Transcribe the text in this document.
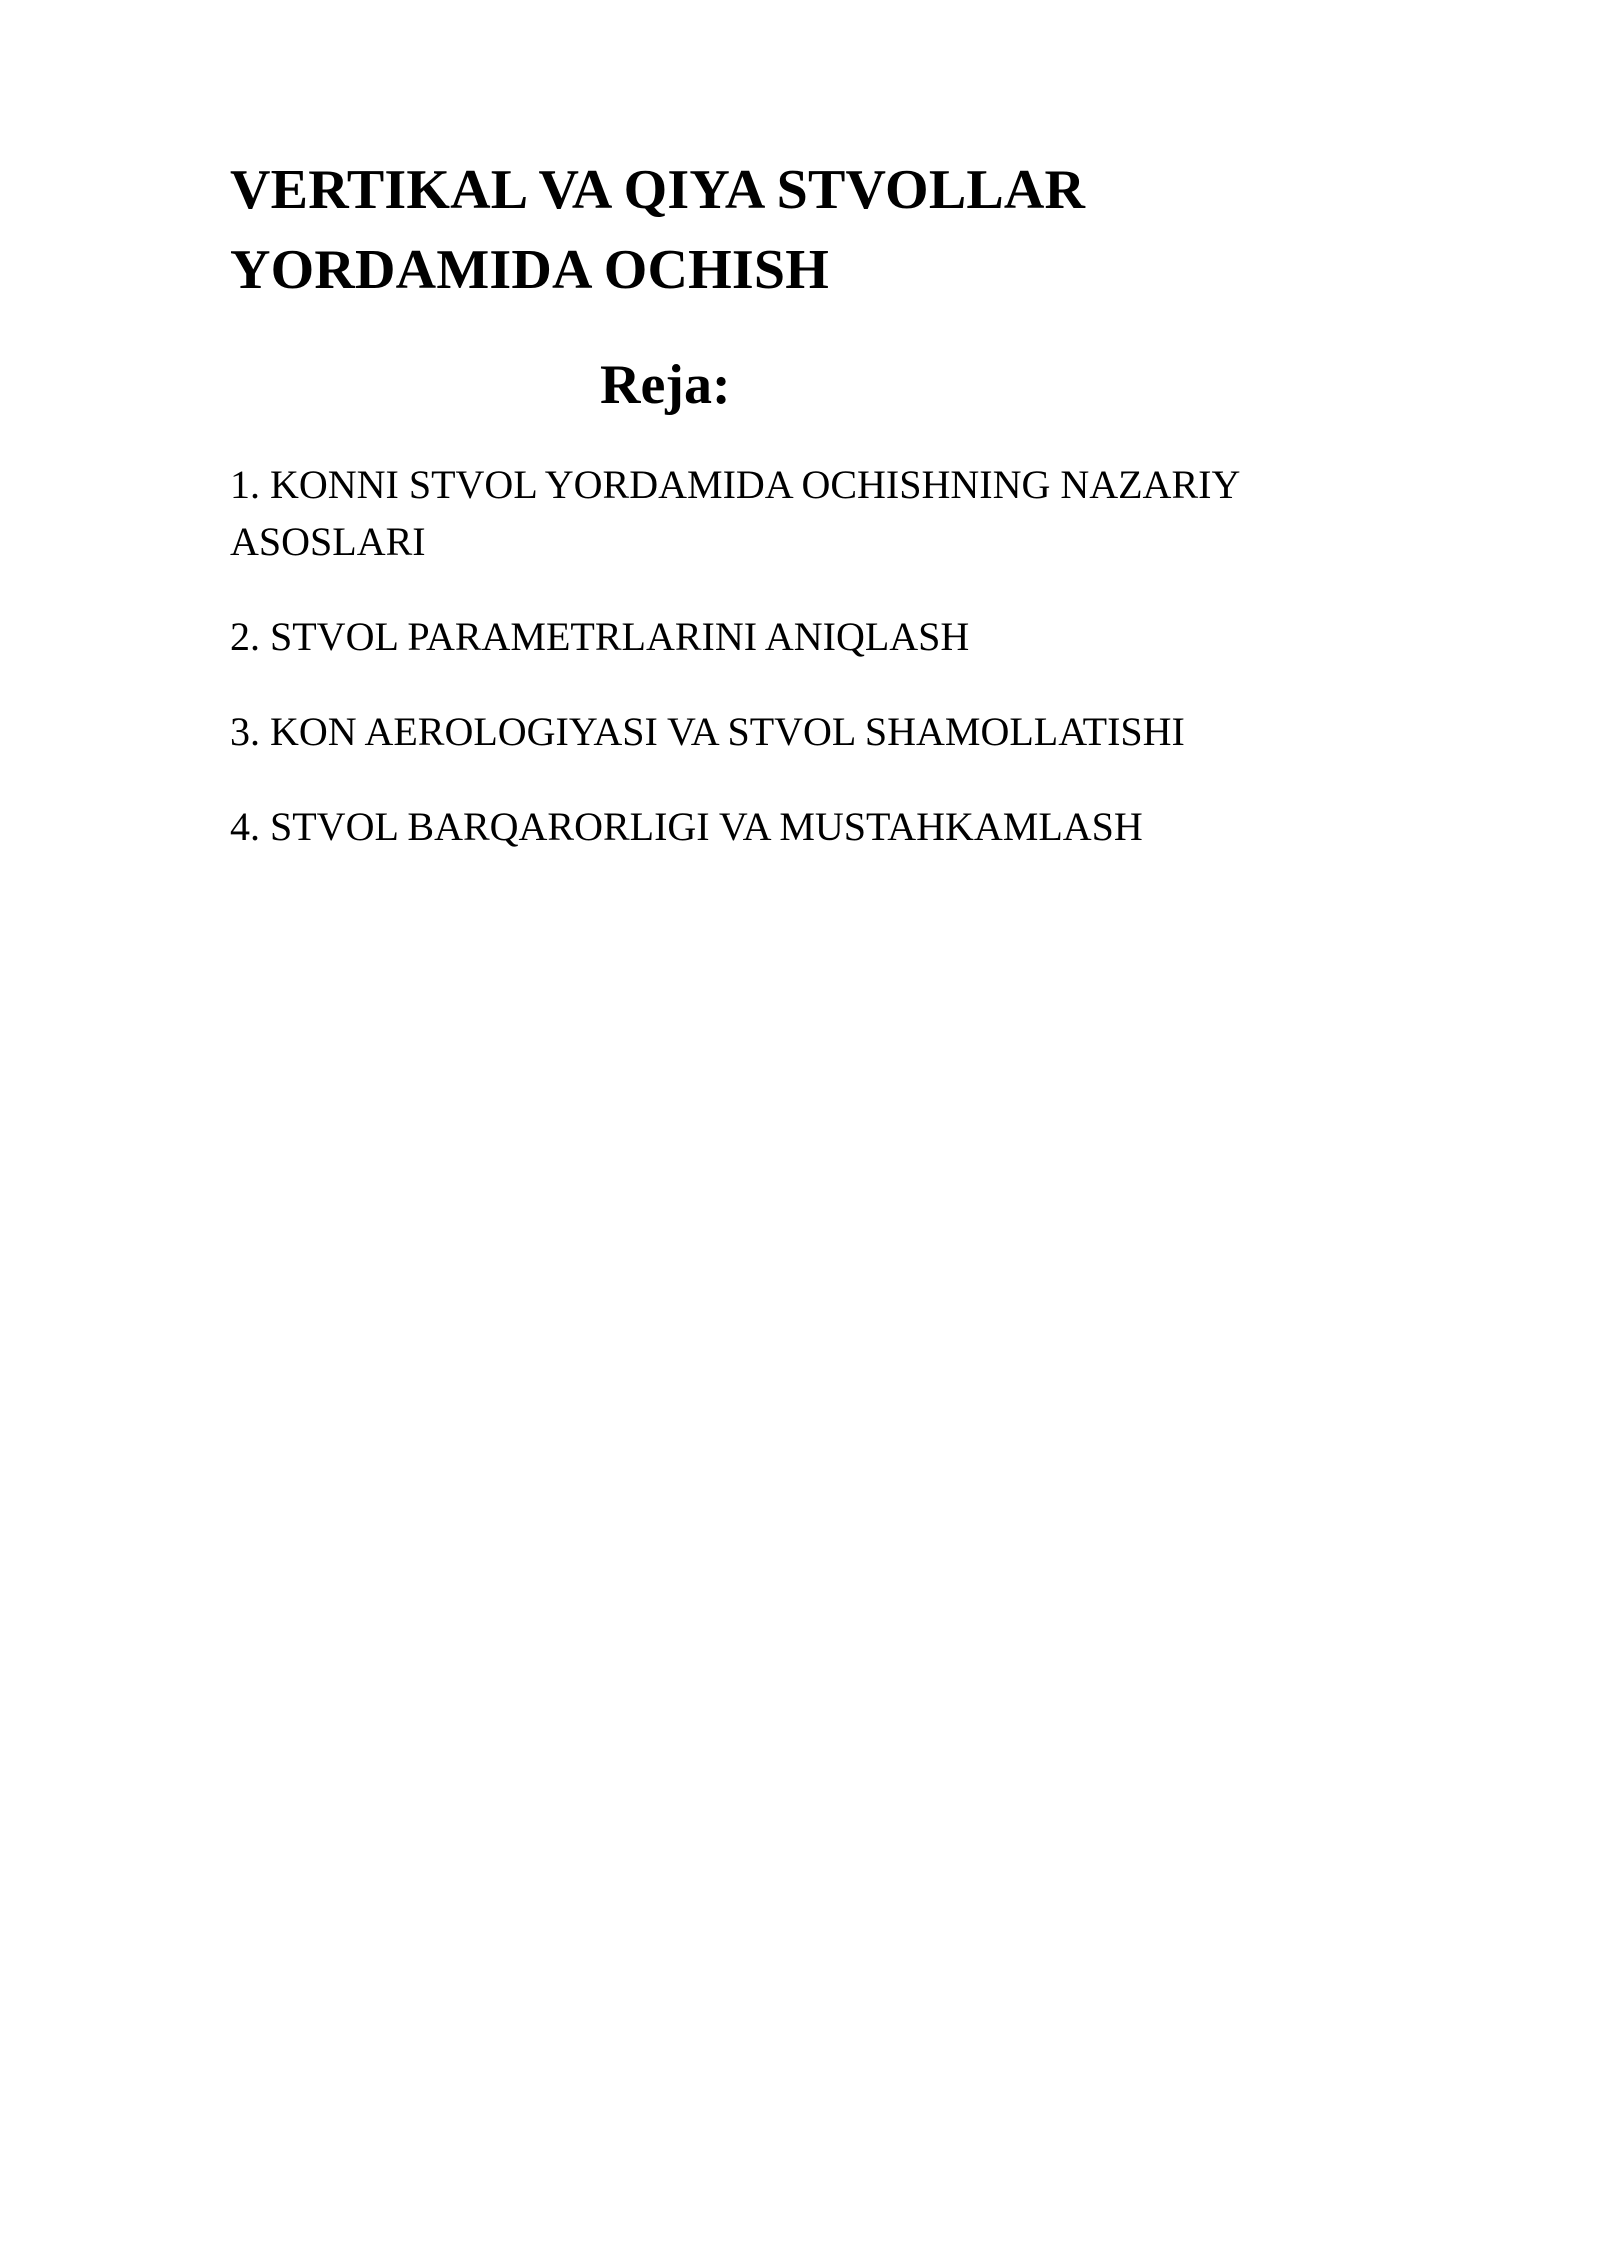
VERTIKAL VA QIYA STVOLLAR YORDAMIDA OCHISH
Reja:
1. KONNI STVOL YORDAMIDA OCHISHNING NAZARIY ASOSLARI
2. STVOL PARAMETRLARINI ANIQLASH
3. KON AEROLOGIYASI VA STVOL SHAMOLLATISHI
4. STVOL BARQARORLIGI VA MUSTAHKAMLASH
